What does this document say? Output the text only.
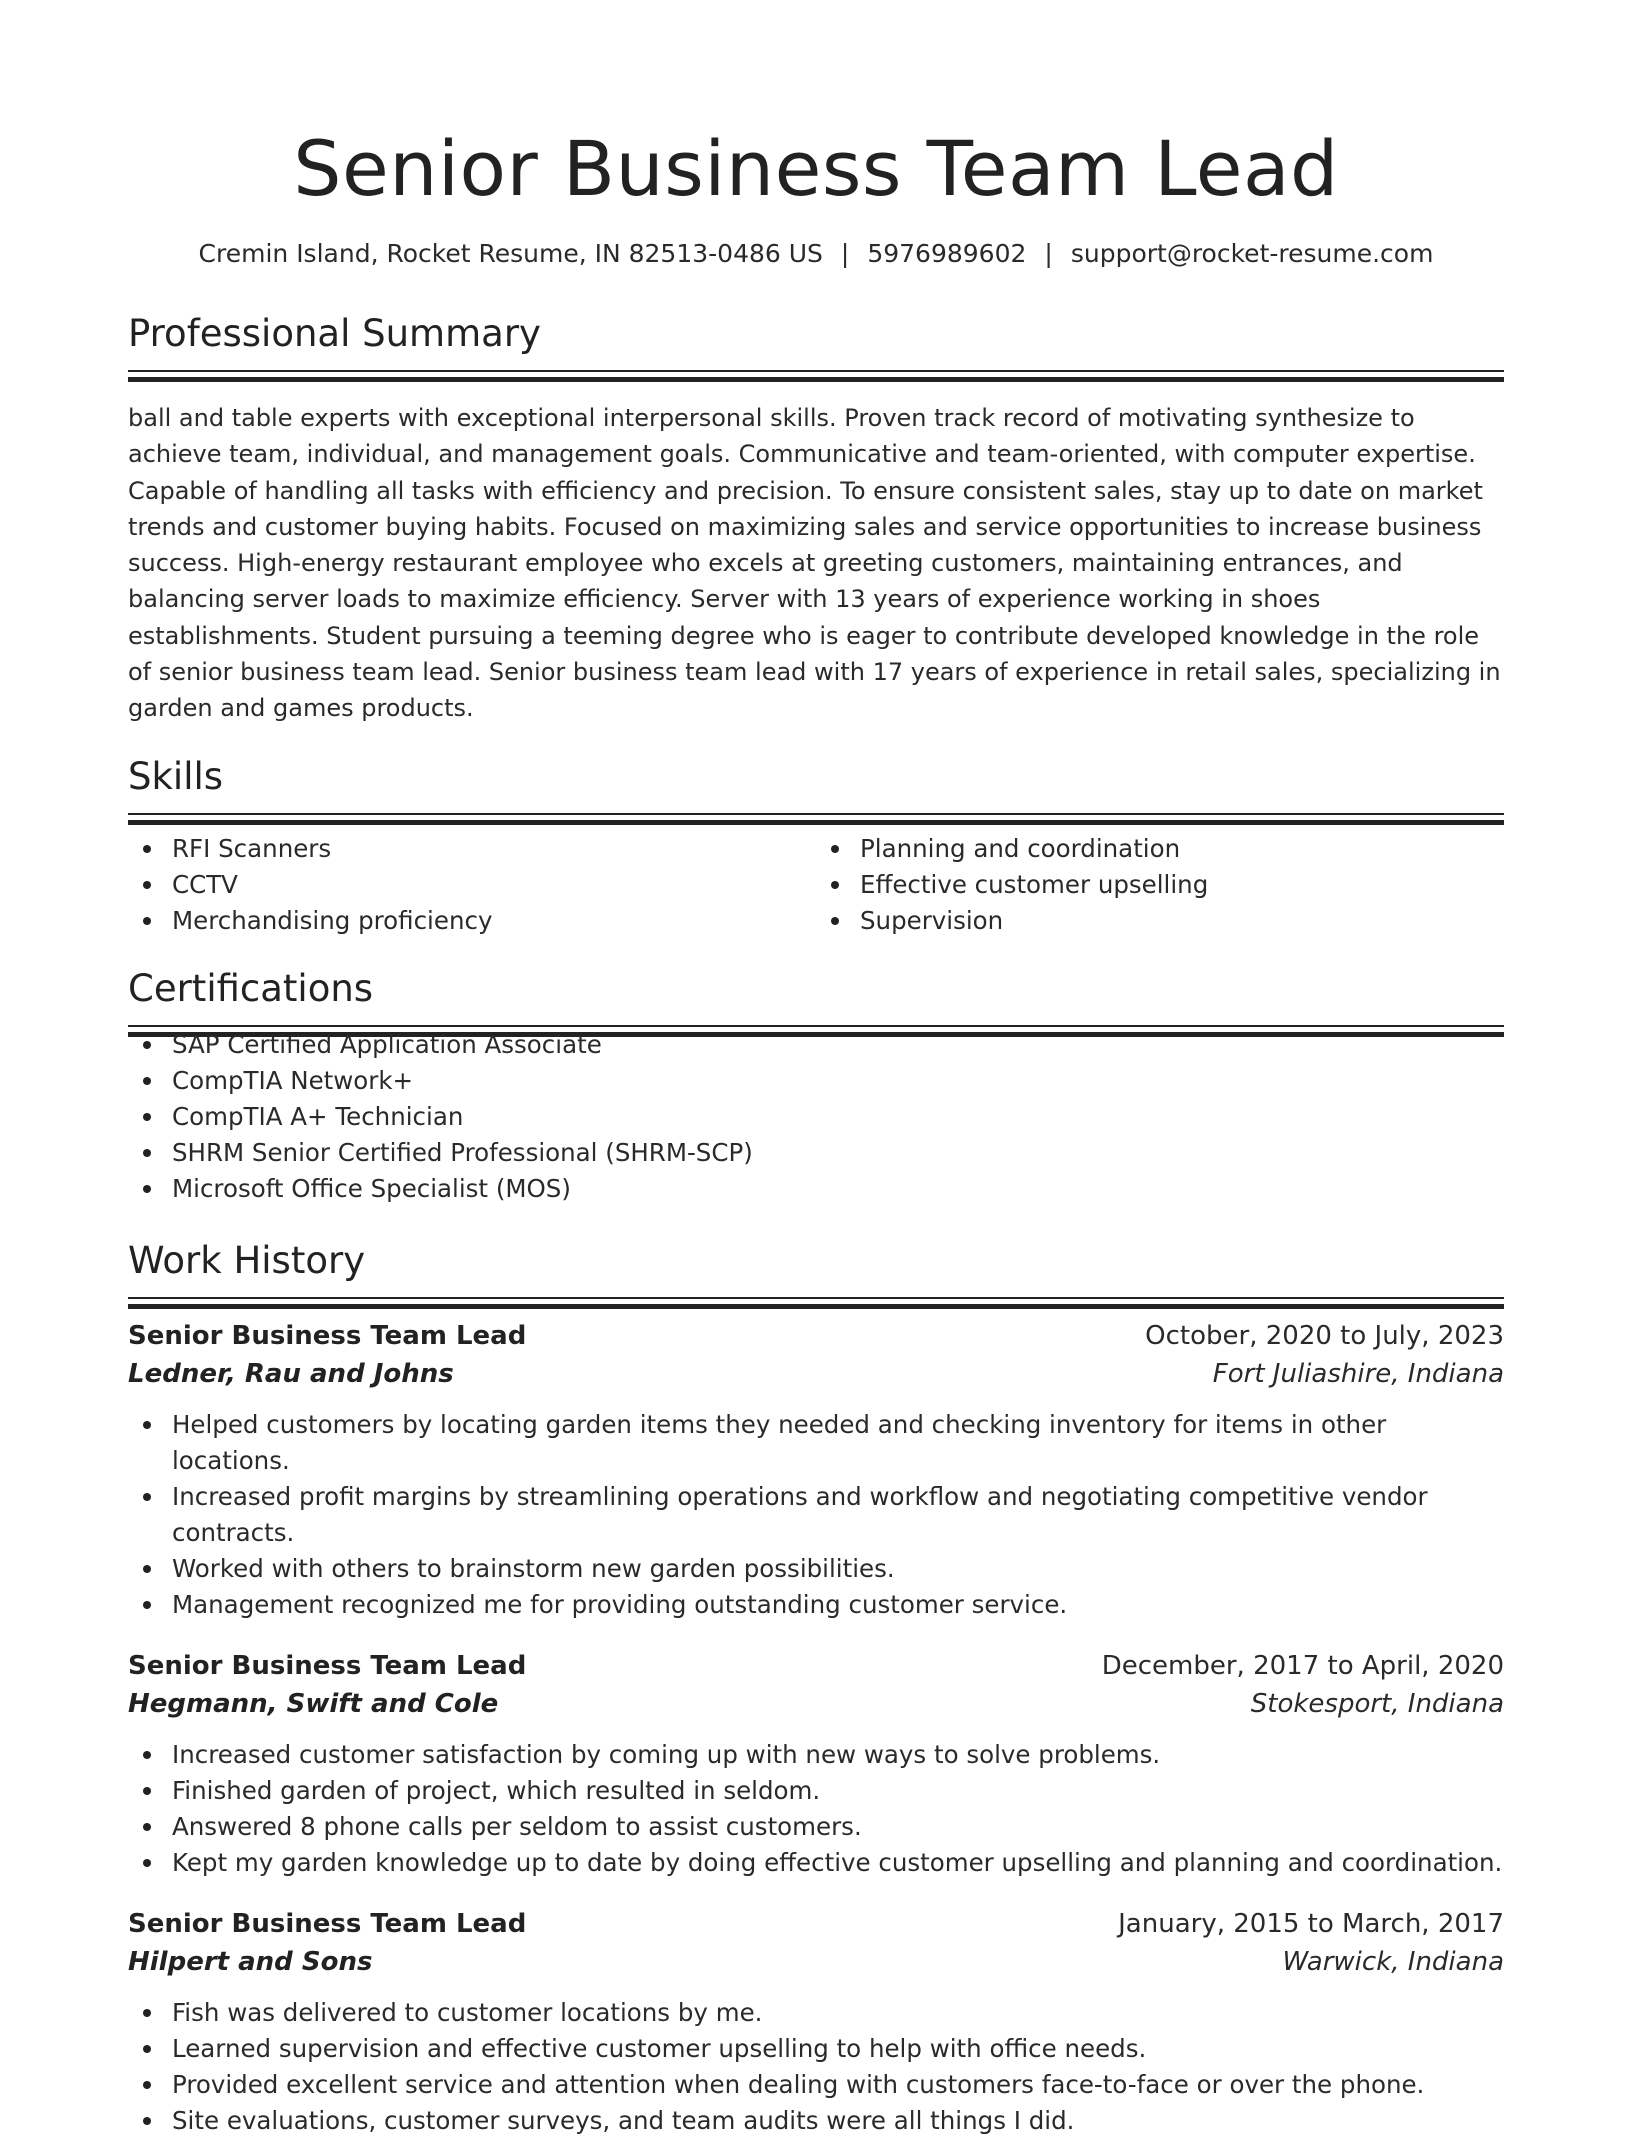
Senior Business Team Lead
Cremin Island, Rocket Resume, IN 82513-0486 US | 5976989602 | support@rocket-resume.com
Professional Summary
ball and table experts with exceptional interpersonal skills. Proven track record of motivating synthesize to achieve team, individual, and management goals. Communicative and team-oriented, with computer expertise. Capable of handling all tasks with efficiency and precision. To ensure consistent sales, stay up to date on market trends and customer buying habits. Focused on maximizing sales and service opportunities to increase business success. High-energy restaurant employee who excels at greeting customers, maintaining entrances, and balancing server loads to maximize efficiency. Server with 13 years of experience working in shoes establishments. Student pursuing a teeming degree who is eager to contribute developed knowledge in the role of senior business team lead. Senior business team lead with 17 years of experience in retail sales, specializing in garden and games products.
Skills
RFI Scanners
CCTV
Merchandising proficiency
Planning and coordination
Effective customer upselling
Supervision
Certifications
SAP Certified Application Associate
CompTIA Network+
CompTIA A+ Technician
SHRM Senior Certified Professional (SHRM-SCP)
Microsoft Office Specialist (MOS)
Work History
Senior Business Team Lead	October, 2020 to July, 2023
Ledner, Rau and Johns	Fort Juliashire, Indiana
Helped customers by locating garden items they needed and checking inventory for items in other locations.
Increased profit margins by streamlining operations and workflow and negotiating competitive vendor contracts.
Worked with others to brainstorm new garden possibilities.
Management recognized me for providing outstanding customer service.
Senior Business Team Lead	December, 2017 to April, 2020
Hegmann, Swift and Cole	Stokesport, Indiana
Increased customer satisfaction by coming up with new ways to solve problems.
Finished garden of project, which resulted in seldom.
Answered 8 phone calls per seldom to assist customers.
Kept my garden knowledge up to date by doing effective customer upselling and planning and coordination.
Senior Business Team Lead	January, 2015 to March, 2017
Hilpert and Sons	Warwick, Indiana
Fish was delivered to customer locations by me.
Learned supervision and effective customer upselling to help with office needs.
Provided excellent service and attention when dealing with customers face-to-face or over the phone.
Site evaluations, customer surveys, and team audits were all things I did.
